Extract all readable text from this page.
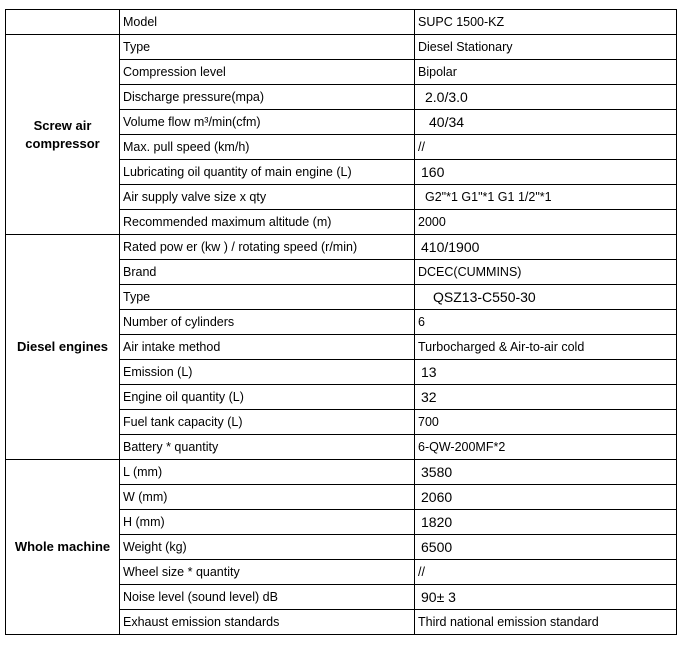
	Model	SUPC 1500-KZ
Screw air compressor	Type	Diesel Stationary
	Compression level	Bipolar
	Discharge pressure(mpa)	2.0/3.0
	Volume flow m³/min(cfm)	40/34
	Max. pull speed (km/h)	//
	Lubricating oil quantity of main engine (L)	160
	Air supply valve size x qty	G2"*1 G1"*1 G1 1/2"*1
	Recommended maximum altitude (m)	2000
Diesel engines	Rated pow er (kw ) / rotating speed (r/min)	410/1900
	Brand	DCEC(CUMMINS)
	Type	QSZ13-C550-30
	Number of cylinders	6
	Air intake method	Turbocharged & Air-to-air cold
	Emission (L)	13
	Engine oil quantity (L)	32
	Fuel tank capacity (L)	700
	Battery * quantity	6-QW-200MF*2
Whole machine	L (mm)	3580
	W (mm)	2060
	H (mm)	1820
	Weight (kg)	6500
	Wheel size * quantity	//
	Noise level (sound level) dB	90± 3
	Exhaust emission standards	Third national emission standard
